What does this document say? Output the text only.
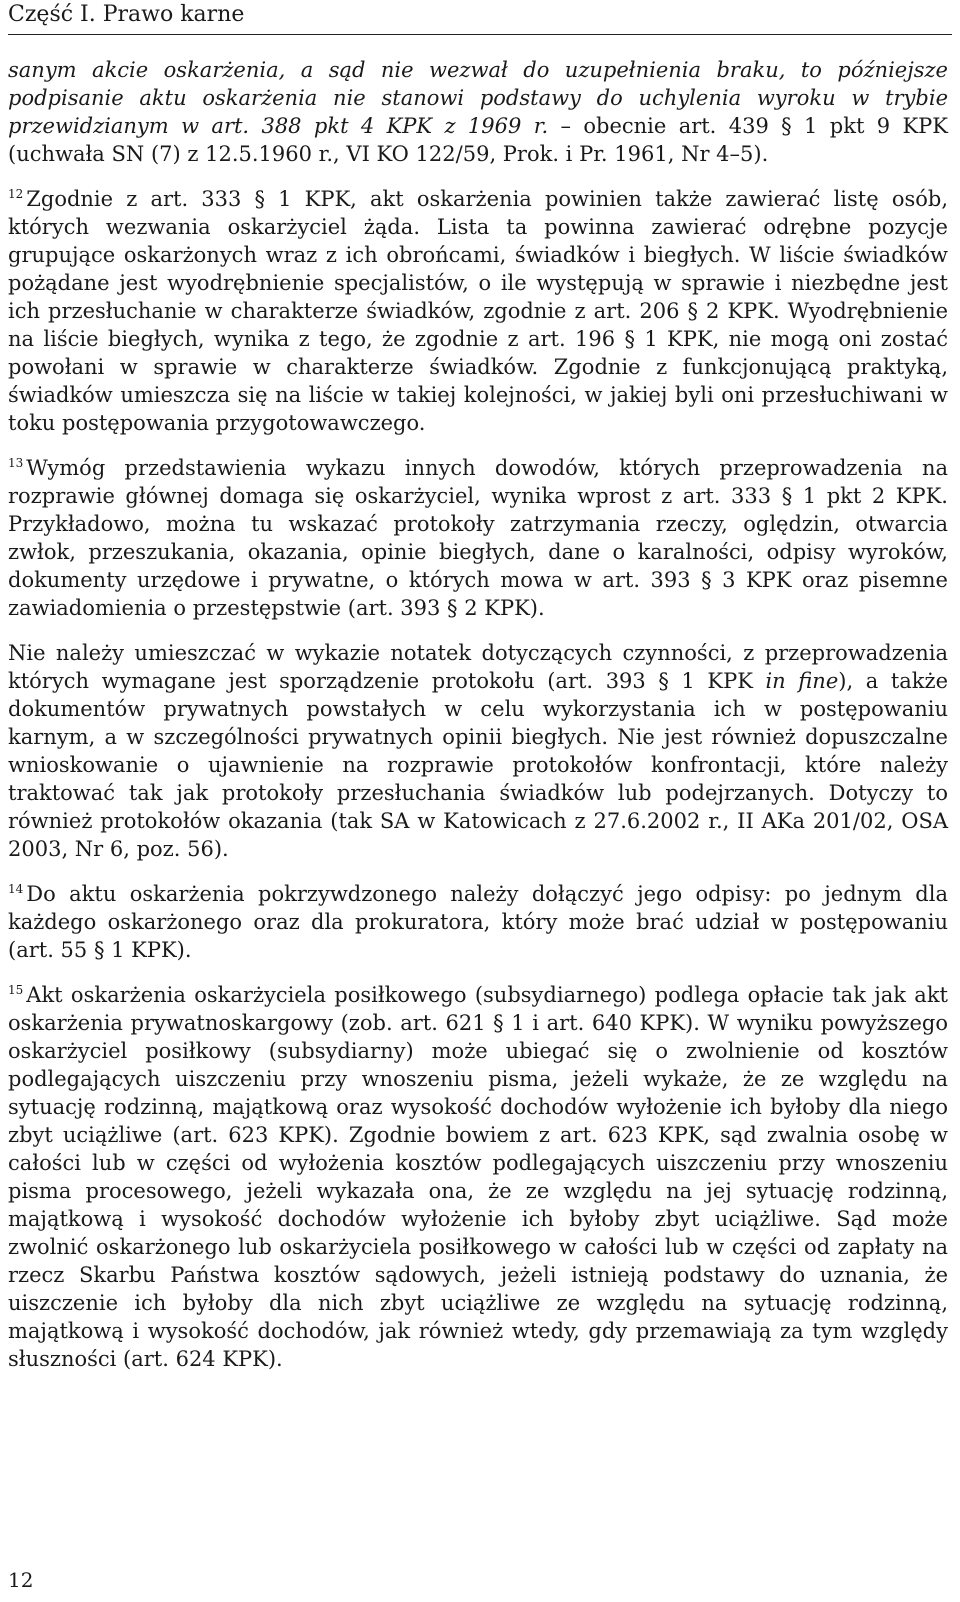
Część I. Prawo karne

sanym akcie oskarżenia, a sąd nie wezwał do uzupełnienia braku, to późniejsze podpisanie aktu oskarżenia nie stanowi podstawy do uchylenia wyroku w trybie przewidzianym w art. 388 pkt 4 KPK z 1969 r. – obecnie art. 439 § 1 pkt 9 KPK (uchwała SN (7) z 12.5.1960 r., VI KO 122/59, Prok. i Pr. 1961, Nr 4–5).

$^{12}$ Zgodnie z art. 333 § 1 KPK, akt oskarżenia powinien także zawierać listę osób, których wezwania oskarżyciel żąda. Lista ta powinna zawierać odrębne pozycje grupujące oskarżonych wraz z ich obrońcami, świadków i biegłych. W liście świadków pożądane jest wyodrębnienie specjalistów, o ile występują w sprawie i niezbędne jest ich przesłuchanie w charakterze świadków, zgodnie z art. 206 § 2 KPK. Wyodrębnienie na liście biegłych, wynika z tego, że zgodnie z art. 196 § 1 KPK, nie mogą oni zostać powołani w sprawie w charakterze świadków. Zgodnie z funkcjonującą praktyką, świadków umieszcza się na liście w takiej kolejności, w jakiej byli oni przesłuchiwani w toku postępowania przygotowawczego.

$^{13}$ Wymóg przedstawienia wykazu innych dowodów, których przeprowadzenia na rozprawie głównej domaga się oskarżyciel, wynika wprost z art. 333 § 1 pkt 2 KPK. Przykładowo, można tu wskazać protokoły zatrzymania rzeczy, oględzin, otwarcia zwłok, przeszukania, okazania, opinie biegłych, dane o karalności, odpisy wyroków, dokumenty urzędowe i prywatne, o których mowa w art. 393 § 3 KPK oraz pisemne zawiadomienia o przestępstwie (art. 393 § 2 KPK).

Nie należy umieszczać w wykazie notatek dotyczących czynności, z przeprowadzenia których wymagane jest sporządzenie protokołu (art. 393 § 1 KPK in fine), a także dokumentów prywatnych powstałych w celu wykorzystania ich w postępowaniu karnym, a w szczególności prywatnych opinii biegłych. Nie jest również dopuszczalne wnioskowanie o ujawnienie na rozprawie protokołów konfrontacji, które należy traktować tak jak protokoły przesłuchania świadków lub podejrzanych. Dotyczy to również protokołów okazania (tak SA w Katowicach z 27.6.2002 r., II AKa 201/02, OSA 2003, Nr 6, poz. 56).

$^{14}$ Do aktu oskarżenia pokrzywdzonego należy dołączyć jego odpisy: po jednym dla każdego oskarżonego oraz dla prokuratora, który może brać udział w postępowaniu (art. 55 § 1 KPK).

$^{15}$ Akt oskarżenia oskarżyciela posiłkowego (subsydiarnego) podlega opłacie tak jak akt oskarżenia prywatnoskargowy (zob. art. 621 § 1 i art. 640 KPK). W wyniku powyższego oskarżyciel posiłkowy (subsydiarny) może ubiegać się o zwolnienie od kosztów podlegających uiszczeniu przy wnoszeniu pisma, jeżeli wykaże, że ze względu na sytuację rodzinną, majątkową oraz wysokość dochodów wyłożenie ich byłoby dla niego zbyt uciążliwe (art. 623 KPK). Zgodnie bowiem z art. 623 KPK, sąd zwalnia osobę w całości lub w części od wyłożenia kosztów podlegających uiszczeniu przy wnoszeniu pisma procesowego, jeżeli wykazała ona, że ze względu na jej sytuację rodzinną, majątkową i wysokość dochodów wyłożenie ich byłoby zbyt uciążliwe. Sąd może zwolnić oskarżonego lub oskarżyciela posiłkowego w całości lub w części od zapłaty na rzecz Skarbu Państwa kosztów sądowych, jeżeli istnieją podstawy do uznania, że uiszczenie ich byłoby dla nich zbyt uciążliwe ze względu na sytuację rodzinną, majątkową i wysokość dochodów, jak również wtedy, gdy przemawiają za tym względy słuszności (art. 624 KPK).

12
